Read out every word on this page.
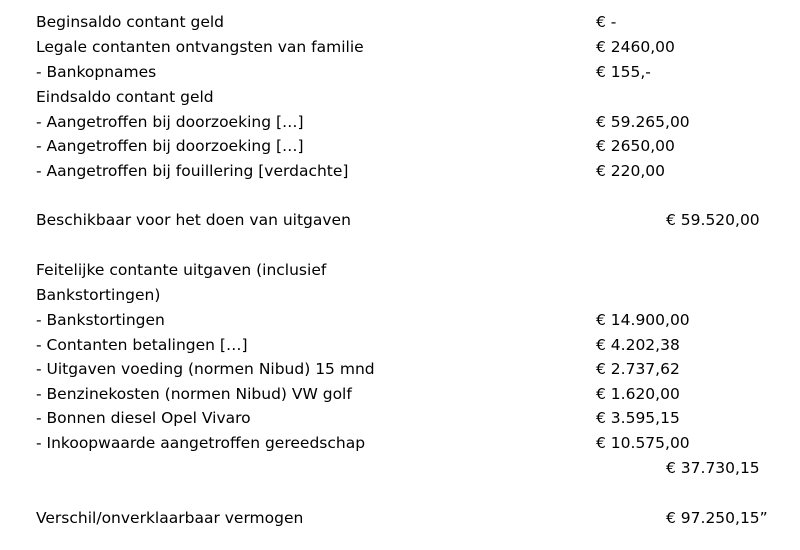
Beginsaldo contant geld	€ -
Legale contanten ontvangsten van familie	€ 2460,00
- Bankopnames	€ 155,-
Eindsaldo contant geld
- Aangetroffen bij doorzoeking […]	€ 59.265,00
- Aangetroffen bij doorzoeking […]	€ 2650,00
- Aangetroffen bij fouillering [verdachte]	€ 220,00
Beschikbaar voor het doen van uitgaven	€ 59.520,00
Feitelijke contante uitgaven (inclusief
Bankstortingen)
- Bankstortingen	€ 14.900,00
- Contanten betalingen […]	€ 4.202,38
- Uitgaven voeding (normen Nibud) 15 mnd	€ 2.737,62
- Benzinekosten (normen Nibud) VW golf	€ 1.620,00
- Bonnen diesel Opel Vivaro	€ 3.595,15
- Inkoopwaarde aangetroffen gereedschap	€ 10.575,00
€ 37.730,15
Verschil/onverklaarbaar vermogen	€ 97.250,15”
